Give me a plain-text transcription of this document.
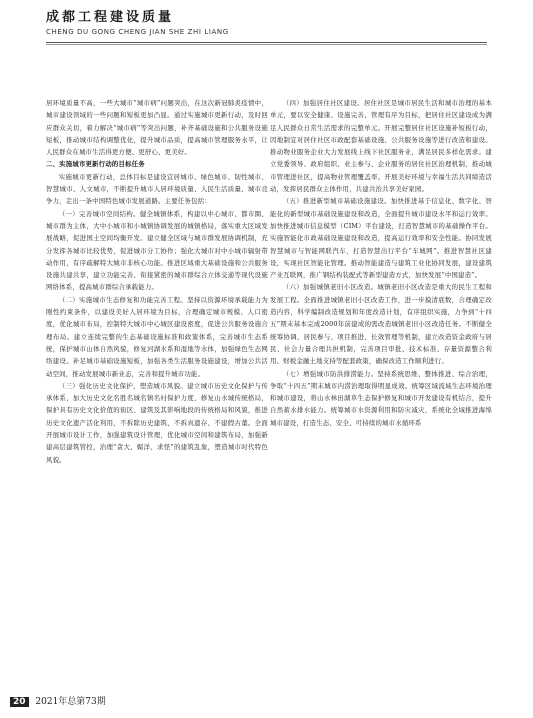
成都工程建设质量
CHENG DU GONG CHENG JIAN SHE ZHI LIANG

居环境质量不高，一些大城市“城市病”问题突出，在这次新冠肺炎疫情中，城市建设领域的一些问题和短板更加凸显。通过实施城市更新行动，及时回应群众关切，着力解决“城市病”等突出问题，补齐基础设施和公共服务设施短板，推动城市结构调整优化，提升城市品质，提高城市管理服务水平，让人民群众在城市生活得更方便、更舒心、更美好。

二、实施城市更新行动的目标任务

实施城市更新行动，总体目标是建设宜居城市、绿色城市、韧性城市、智慧城市、人文城市，不断提升城市人居环境质量、人民生活质量、城市竞争力，走出一条中国特色城市发展道路。主要任务包括：

（一）完善城市空间结构。健全城镇体系，构建以中心城市、都市圈、城市群为主体，大中小城市和小城镇协调发展的城镇格局，落实重大区域发展战略，促进国土空间均衡开发。建立健全区域与城市群发展协调机制，充分发挥各城市比较优势，促进城市分工协作；强化大城市对中小城市辐射带动作用，有序疏解特大城市非核心功能。推进区域重大基础设施和公共服务设施共建共享，建立功能完善、衔接紧密的城市群综合立体交通等现代设施网络体系，提高城市群综合承载能力。

（二）实施城市生态修复和功能完善工程。坚持以资源环境承载能力为刚性约束条件，以建设美好人居环境为目标，合理确定城市规模、人口密度，优化城市布局，控制特大城市中心城区建设密度，促进公共服务设施合理布局。建立连续完整的生态基础设施标准和政策体系，完善城市生态系统，保护城市山体自然风貌，修复河湖水系和湿地等水体，加强绿色生态网络建设。补足城市基础设施短板，加强各类生活服务设施建设，增加公共活动空间，推动发展城市新业态，完善和提升城市功能。

（三）强化历史文化保护，塑造城市风貌。建立城市历史文化保护与传承体系，加大历史文化名胜名城名镇名村保护力度，修复山水城传统格局，保护具有历史文化价值的街区、建筑及其影响地段的传统格局和风貌，推进历史文化遗产活化利用，不拆除历史建筑、不拆真遗存、不建假古董。全面开展城市设计工作，加强建筑设计管理，优化城市空间和建筑布局，加强新建高层建筑管控，治理“贪大、媚洋、求怪”的建筑乱象，塑造城市时代特色风貌。

（四）加强居住社区建设。居住社区是城市居民生活和城市治理的基本单元，要以安全健康、设施完善、管理有序为目标，把居住社区建设成为满足人民群众日常生活需求的完整单元。开展完整居住社区设施补短板行动，因地制宜对居住社区市政配套基础设施、公共服务设施等进行改造和建设。推动物业服务企业大力发展线上线下社区服务业，满足居民多样化需求。建立党委领导、政府组织、业主参与、企业服务的居住社区治理机制，推动城市管理进社区，提高物业管理覆盖率。开展美好环境与幸福生活共同缔造活动，发挥居民群众主体作用，共建共治共享美好家园。

（五）推进新型城市基础设施建设。加快推进基于信息化、数字化、智能化的新型城市基础设施建设和改造，全面提升城市建设水平和运行效率。加快推进城市信息模型（CIM）平台建设，打造智慧城市的基础操作平台。实施智能化市政基础设施建设和改造，提高运行效率和安全性能。协同发展智慧城市与智能网联汽车，打造智慧出行平台“车城网”。推进智慧社区建设，实现社区智能化管理。推动智能建造与建筑工业化协同发展，建设建筑产业互联网，推广钢结构装配式等新型建造方式，加快发展“中国建造”。

（六）加强城镇老旧小区改造。城镇老旧小区改造是重大的民生工程和发展工程。全面推进城镇老旧小区改造工作，进一步摸清底数，合理确定改造内容，科学编制改造规划和年度改造计划，有序组织实施，力争到“十四五”期末基本完成2000年前建成的需改造城镇老旧小区改造任务。不断健全统筹协调、居民参与、项目推进、长效管理等机制，建立改造资金政府与居民、社会力量合理共担机制，完善项目审批、技术标准、存量资源整合利用、财税金融土地支持等配套政策，确保改造工作顺利进行。

（七）增强城市防洪排涝能力。坚持系统思维、整体推进、综合治理，争取“十四五”期末城市内涝治理取得明显成效。统筹区域流域生态环境治理和城市建设，将山水林田湖草生态保护修复和城市开发建设有机结合，提升自然蓄水排水能力。统筹城市水资源利用和防灾减灾，系统化全域推进海绵城市建设，打造生态、安全、可持续的城市水循环系

20 2021年总第73期
